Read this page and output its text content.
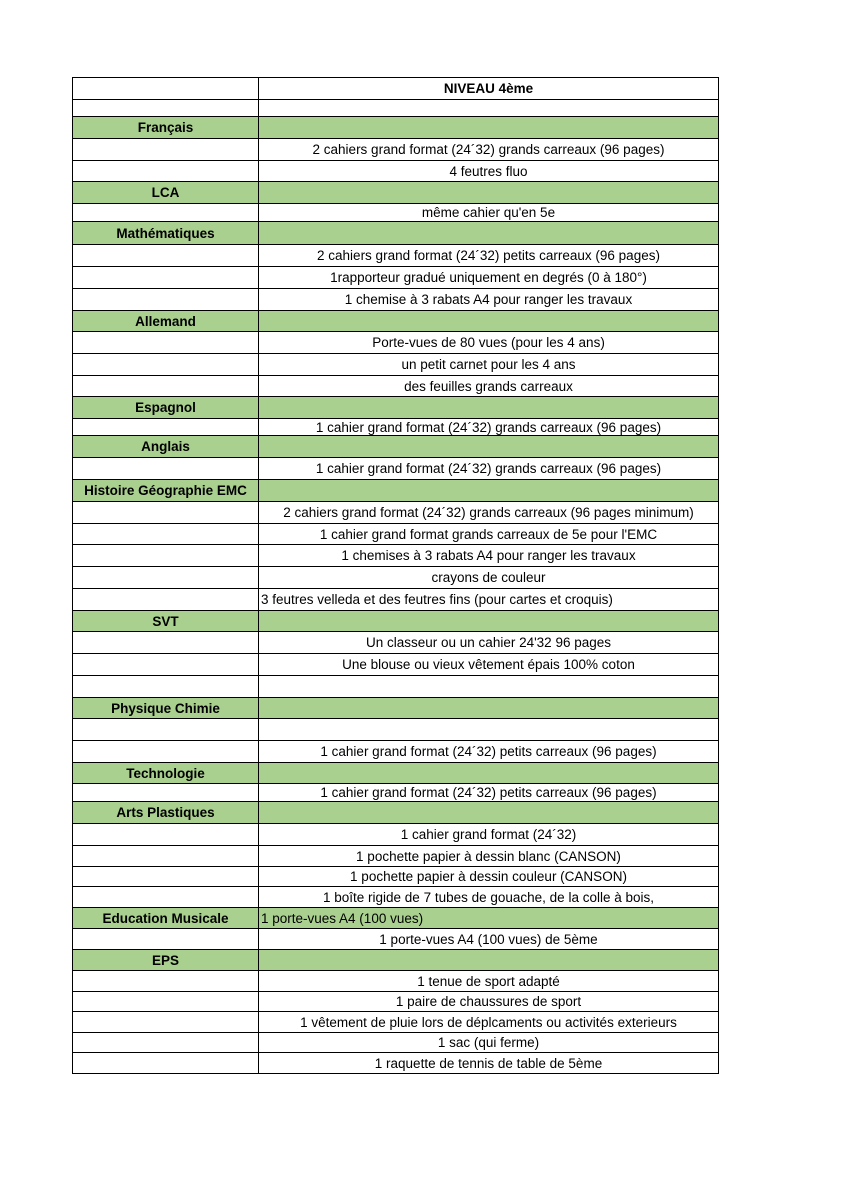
	NIVEAU 4ème

Français	
	2 cahiers grand format (24´32) grands carreaux (96 pages)
	4 feutres fluo
LCA	
	même cahier qu'en 5e
Mathématiques	
	2 cahiers grand format (24´32) petits carreaux (96 pages)
	1rapporteur gradué uniquement en degrés (0 à 180°)
	1 chemise à 3 rabats A4 pour ranger les travaux
Allemand	
	Porte-vues de 80 vues (pour les 4 ans)
	un petit carnet pour les 4 ans
	des feuilles grands carreaux
Espagnol	
	1 cahier grand format (24´32) grands carreaux (96 pages)
Anglais	
	1 cahier grand format (24´32) grands carreaux (96 pages)
Histoire Géographie EMC	
	2 cahiers grand format (24´32) grands carreaux (96 pages minimum)
	1 cahier grand format grands carreaux de 5e pour l'EMC
	1 chemises à 3 rabats A4 pour ranger les travaux
	crayons de couleur
	3 feutres velleda et des feutres fins (pour cartes et croquis)
SVT	
	Un classeur ou un cahier 24'32 96 pages
	Une blouse ou vieux vêtement épais 100% coton

Physique Chimie	

	1 cahier grand format (24´32) petits carreaux (96 pages)
Technologie	
	1 cahier grand format (24´32) petits carreaux (96 pages)
Arts Plastiques	
	1 cahier grand format (24´32)
	1 pochette papier à dessin blanc (CANSON)
	1 pochette papier à dessin couleur (CANSON)
	1 boîte rigide de 7 tubes de gouache, de la colle à bois,
Education Musicale	1 porte-vues A4 (100 vues)
	1 porte-vues A4 (100 vues) de 5ème
EPS	
	1 tenue de sport adapté
	1 paire de chaussures de sport
	1 vêtement de pluie lors de déplcaments ou activités exterieurs
	1 sac (qui ferme)
	1 raquette de tennis de table de 5ème
